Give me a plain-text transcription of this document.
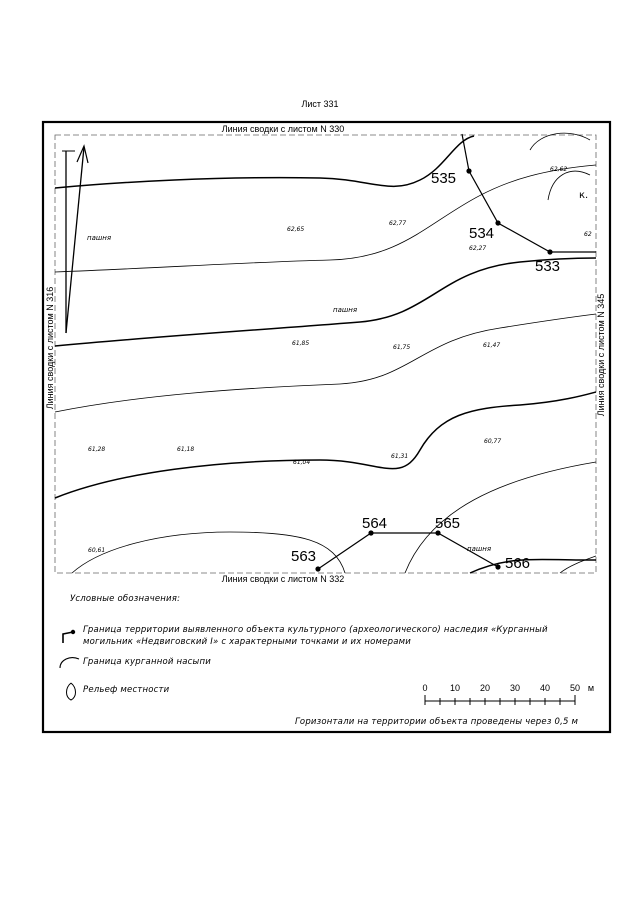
Лист 331
Линия сводки с листом N 330
Линия сводки с листом N 332
Линия сводки с листом N 316	Линия сводки с листом N 345
535
534
533
564	565
563	566
пашня
пашня
пашня
к.
62,65
62,77
62,27
62,62
62
61,85
61,75	61,47
61,28	61,18
61,04
61,31
60,77
60,61
0 10 20 30 40 50 м
Условные обозначения:
Граница территории выявленного объекта культурного (археологического) наследия «Курганный
могильник «Недвиговский I» с характерными точками и их номерами
Граница курганной насыпи
Рельеф местности
Горизонтали на территории объекта проведены через 0,5 м
